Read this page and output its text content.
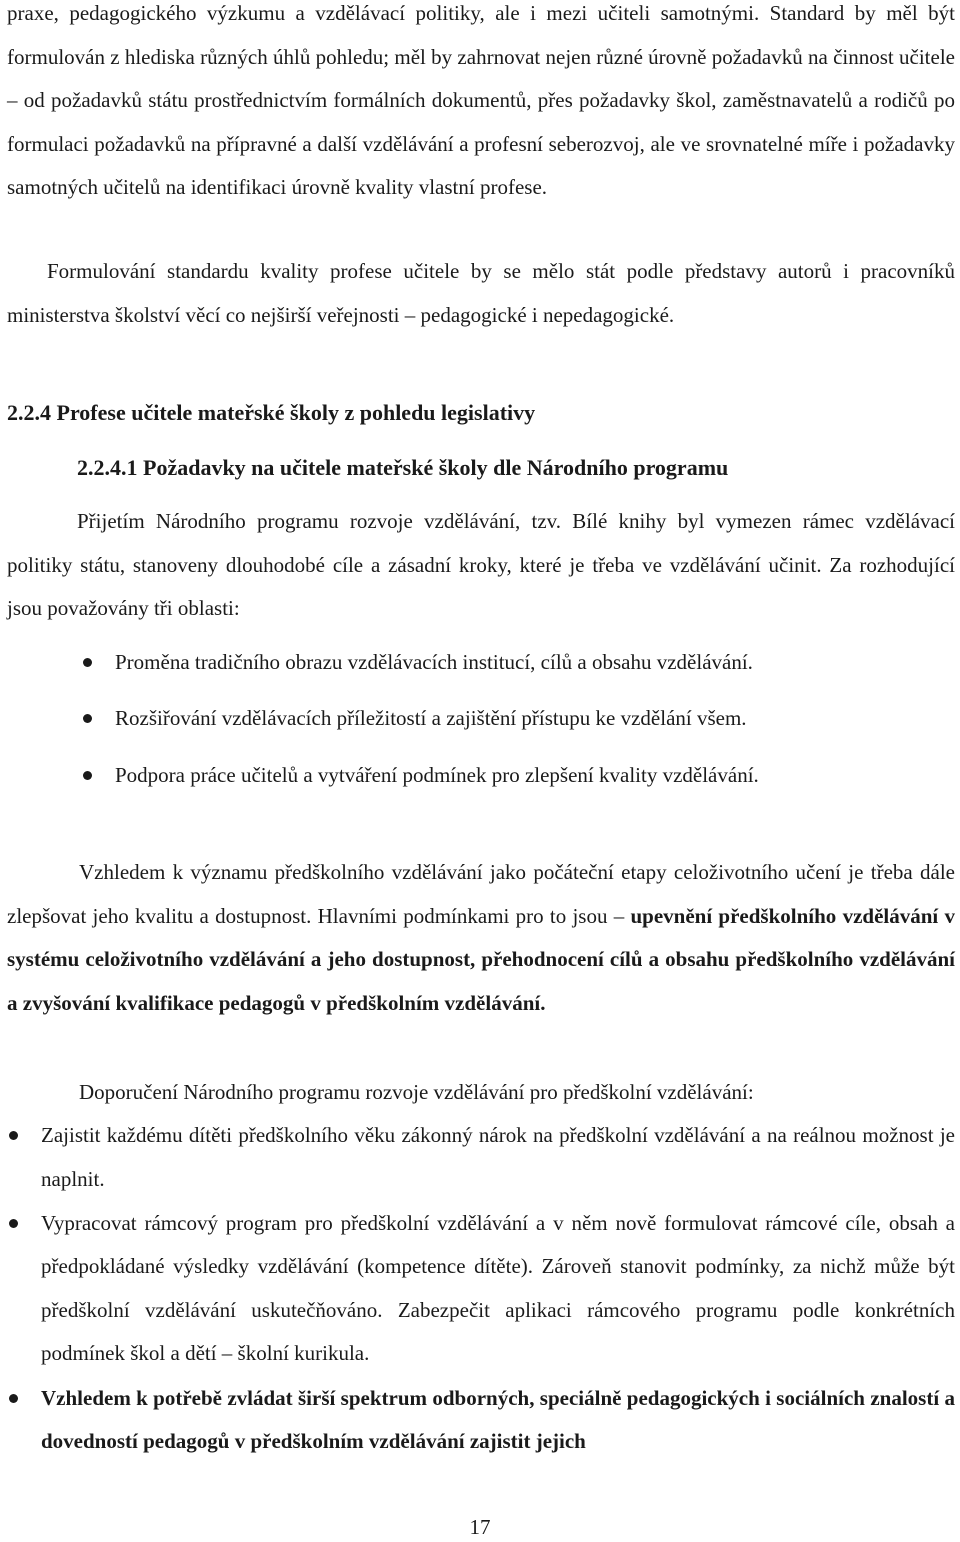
praxe, pedagogického výzkumu a vzdělávací politiky, ale i mezi učiteli samotnými. Standard by měl být formulován z hlediska různých úhlů pohledu; měl by zahrnovat nejen různé úrovně požadavků na činnost učitele – od požadavků státu prostřednictvím formálních dokumentů, přes požadavky škol, zaměstnavatelů a rodičů po formulaci požadavků na přípravné a další vzdělávání a profesní seberozvoj, ale ve srovnatelné míře i požadavky samotných učitelů na identifikaci úrovně kvality vlastní profese.

Formulování standardu kvality profese učitele by se mělo stát podle představy autorů i pracovníků ministerstva školství věcí co nejširší veřejnosti – pedagogické i nepedagogické.

2.2.4 Profese učitele mateřské školy z pohledu legislativy
2.2.4.1 Požadavky na učitele mateřské školy dle Národního programu

Přijetím Národního programu rozvoje vzdělávání, tzv. Bílé knihy byl vymezen rámec vzdělávací politiky státu, stanoveny dlouhodobé cíle a zásadní kroky, které je třeba ve vzdělávání učinit. Za rozhodující jsou považovány tři oblasti:

Proměna tradičního obrazu vzdělávacích institucí, cílů a obsahu vzdělávání.
Rozšiřování vzdělávacích příležitostí a zajištění přístupu ke vzdělání všem.
Podpora práce učitelů a vytváření podmínek pro zlepšení kvality vzdělávání.

Vzhledem k významu předškolního vzdělávání jako počáteční etapy celoživotního učení je třeba dále zlepšovat jeho kvalitu a dostupnost. Hlavními podmínkami pro to jsou – upevnění předškolního vzdělávání v systému celoživotního vzdělávání a jeho dostupnost, přehodnocení cílů a obsahu předškolního vzdělávání a zvyšování kvalifikace pedagogů v předškolním vzdělávání.

Doporučení Národního programu rozvoje vzdělávání pro předškolní vzdělávání:

Zajistit každému dítěti předškolního věku zákonný nárok na předškolní vzdělávání a na reálnou možnost je naplnit.
Vypracovat rámcový program pro předškolní vzdělávání a v něm nově formulovat rámcové cíle, obsah a předpokládané výsledky vzdělávání (kompetence dítěte). Zároveň stanovit podmínky, za nichž může být předškolní vzdělávání uskutečňováno. Zabezpečit aplikaci rámcového programu podle konkrétních podmínek škol a dětí – školní kurikula.
Vzhledem k potřebě zvládat širší spektrum odborných, speciálně pedagogických i sociálních znalostí a dovedností pedagogů v předškolním vzdělávání zajistit jejich
17
